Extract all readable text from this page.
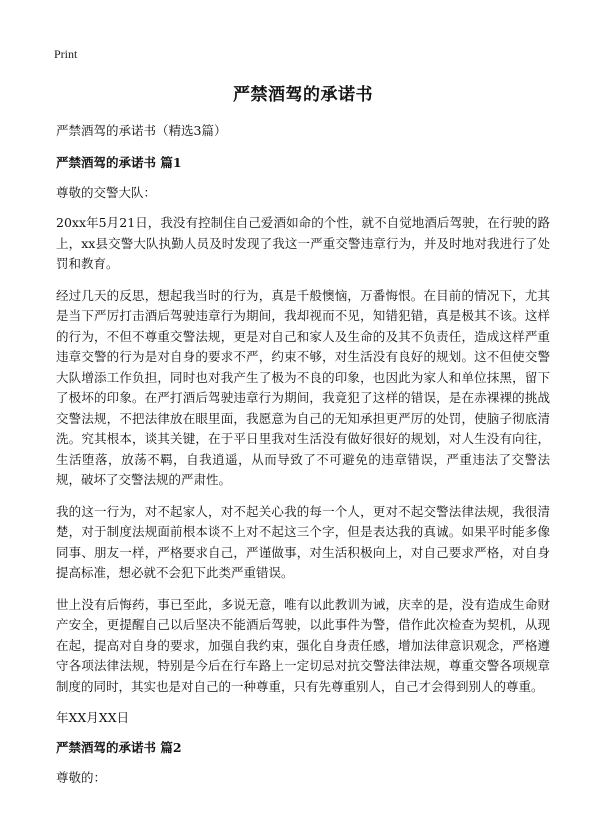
Print
严禁酒驾的承诺书
严禁酒驾的承诺书（精选3篇）
严禁酒驾的承诺书 篇1
尊敬的交警大队：

20xx年5月21日，我没有控制住自己爱酒如命的个性，就不自觉地酒后驾驶，在行驶的路上，xx县交警大队执勤人员及时发现了我这一严重交警违章行为，并及时地对我进行了处罚和教育。

经过几天的反思，想起我当时的行为，真是千般懊恼，万番悔恨。在目前的情况下，尤其是当下严厉打击酒后驾驶违章行为期间，我却视而不见，知错犯错，真是极其不该。这样的行为，不但不尊重交警法规，更是对自己和家人及生命的及其不负责任，造成这样严重违章交警的行为是对自身的要求不严，约束不够，对生活没有良好的规划。这不但使交警大队增添工作负担，同时也对我产生了极为不良的印象，也因此为家人和单位抹黑，留下了极坏的印象。在严打酒后驾驶违章行为期间，我竟犯了这样的错误，是在赤裸裸的挑战交警法规，不把法律放在眼里面，我愿意为自己的无知承担更严厉的处罚，使脑子彻底清洗。究其根本，谈其关键，在于平日里我对生活没有做好很好的规划，对人生没有向往，生活堕落，放荡不羁，自我逍遥，从而导致了不可避免的违章错误，严重违法了交警法规，破坏了交警法规的严肃性。

我的这一行为，对不起家人，对不起关心我的每一个人，更对不起交警法律法规，我很清楚，对于制度法规面前根本谈不上对不起这三个字，但是表达我的真诚。如果平时能多像同事、朋友一样，严格要求自己，严谨做事，对生活积极向上，对自己要求严格，对自身提高标准，想必就不会犯下此类严重错误。

世上没有后悔药，事已至此，多说无意，唯有以此教训为诫，庆幸的是，没有造成生命财产安全，更提醒自己以后坚决不能酒后驾驶，以此事件为警，借作此次检查为契机，从现在起，提高对自身的要求，加强自我约束，强化自身责任感，增加法律意识观念，严格遵守各项法律法规，特别是今后在行车路上一定切忌对抗交警法律法规，尊重交警各项规章制度的同时，其实也是对自己的一种尊重，只有先尊重别人，自己才会得到别人的尊重。

年XX月XX日
严禁酒驾的承诺书 篇2
尊敬的：
